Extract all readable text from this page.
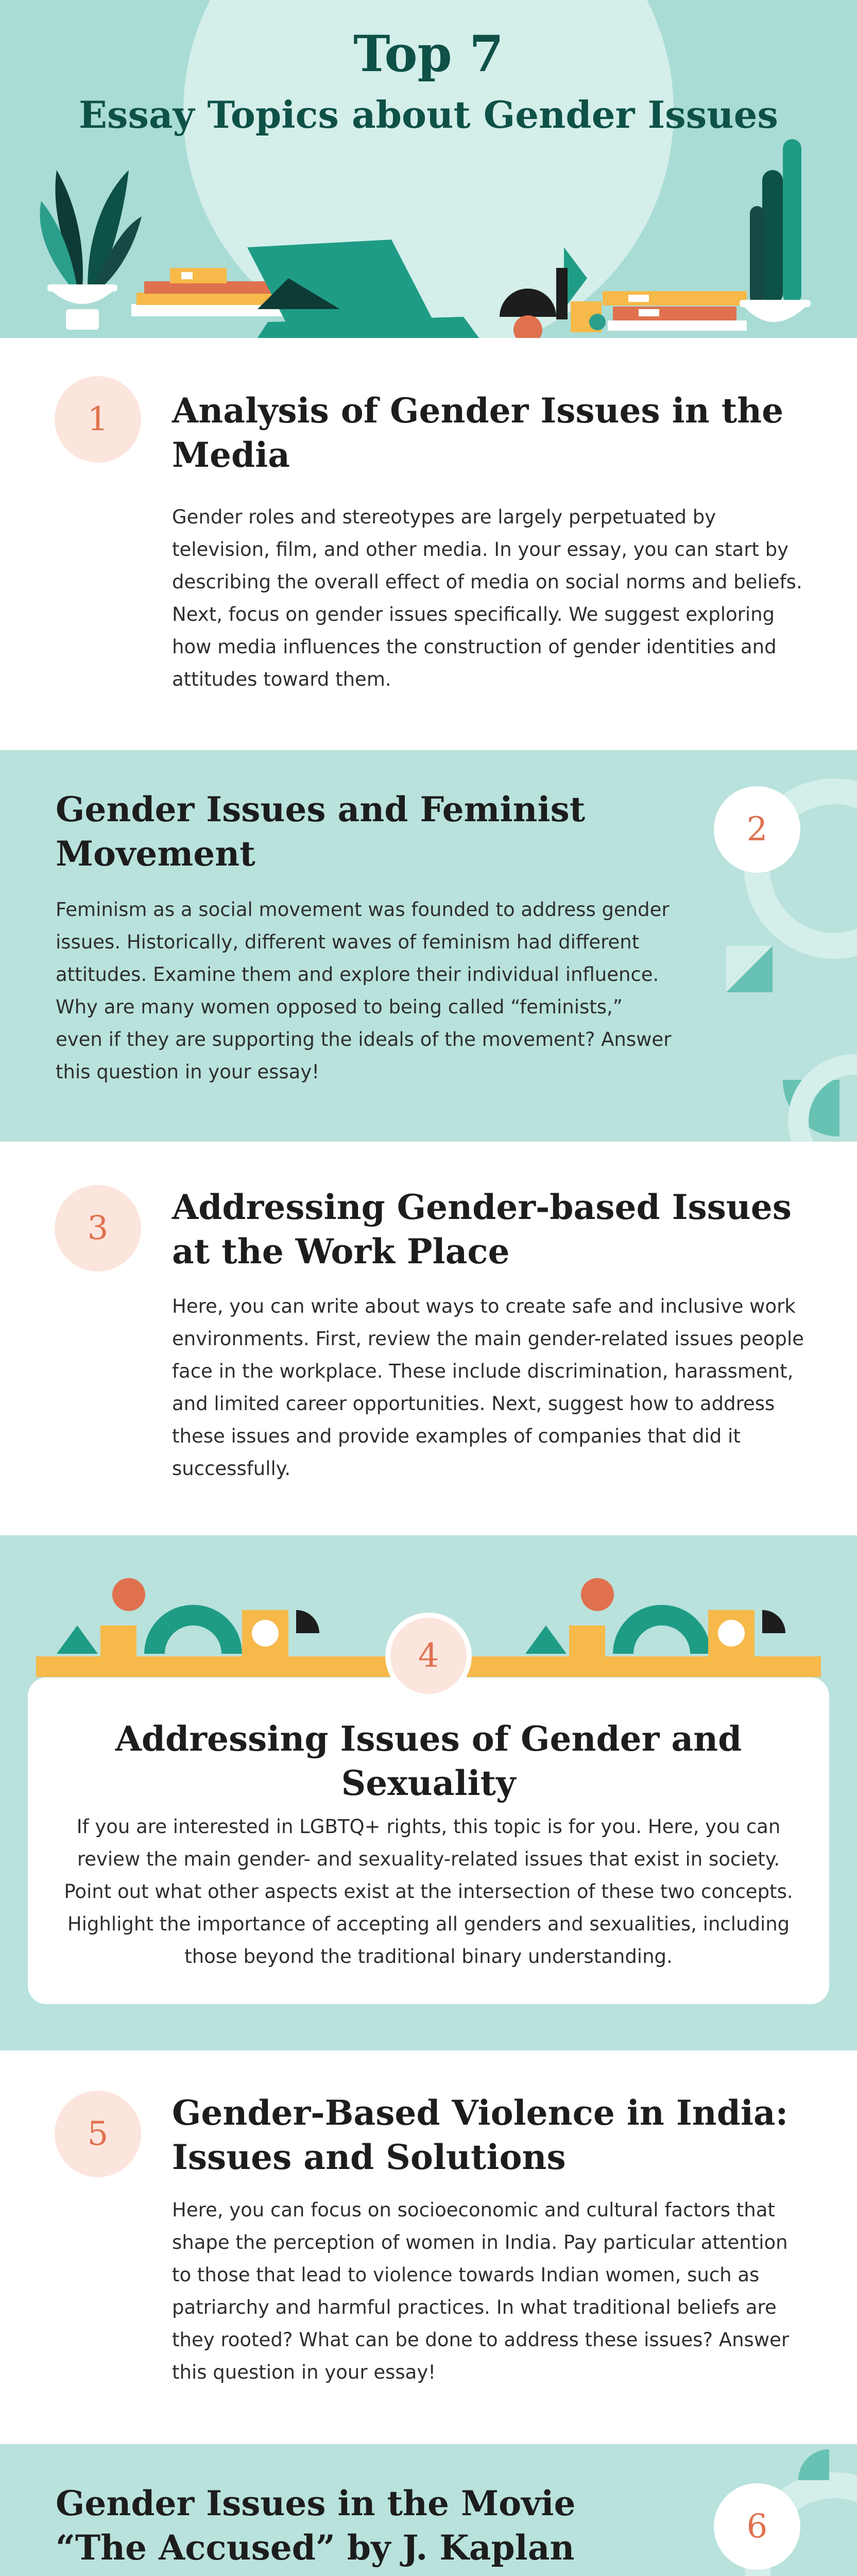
Top 7
Essay Topics about Gender Issues
1	Analysis of Gender Issues in the Media
Gender roles and stereotypes are largely perpetuated by television, film, and other media. In your essay, you can start by describing the overall effect of media on social norms and beliefs. Next, focus on gender issues specifically. We suggest exploring how media influences the construction of gender identities and attitudes toward them.
2
Gender Issues and Feminist Movement
Feminism as a social movement was founded to address gender issues. Historically, different waves of feminism had different attitudes. Examine them and explore their individual influence. Why are many women opposed to being called “feminists,” even if they are supporting the ideals of the movement? Answer this question in your essay!
3
Addressing Gender-based Issues at the Work Place
Here, you can write about ways to create safe and inclusive work environments. First, review the main gender-related issues people face in the workplace. These include discrimination, harassment, and limited career opportunities. Next, suggest how to address these issues and provide examples of companies that did it successfully.
Addressing Issues of Gender and Sexuality
If you are interested in LGBTQ+ rights, this topic is for you. Here, you can review the main gender- and sexuality-related issues that exist in society. Point out what other aspects exist at the intersection of these two concepts. Highlight the importance of accepting all genders and sexualities, including those beyond the traditional binary understanding.
4
5
Gender-Based Violence in India: Issues and Solutions
Here, you can focus on socioeconomic and cultural factors that shape the perception of women in India. Pay particular attention to those that lead to violence towards Indian women, such as patriarchy and harmful practices. In what traditional beliefs are they rooted? What can be done to address these issues? Answer this question in your essay!
6
Gender Issues in the Movie “The Accused” by J. Kaplan
